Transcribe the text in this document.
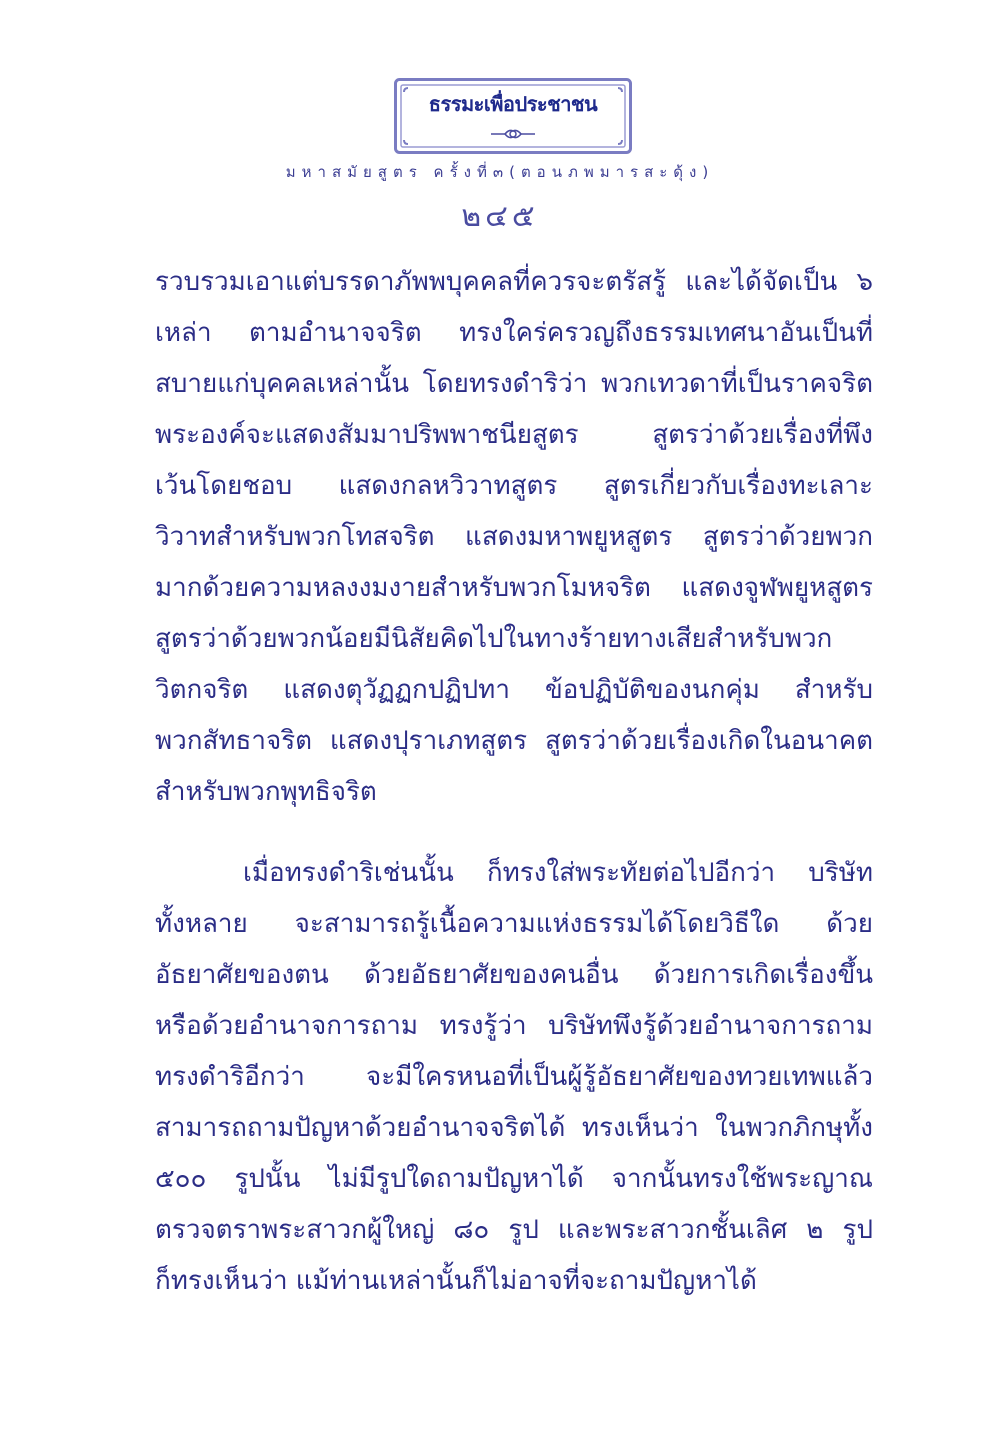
ธรรมะเพื่อประชาชน
มหาสมัยสูตร ครั้งที่๓(ตอนภพมารสะดุ้ง)
๒๔๕
รวบรวมเอาแต่บรรดาภัพพบุคคลที่ควรจะตรัสรู้ และได้จัดเป็น ๖
เหล่า ตามอำนาจจริต ทรงใคร่ครวญถึงธรรมเทศนาอันเป็นที่
สบายแก่บุคคลเหล่านั้น โดยทรงดำริว่า พวกเทวดาที่เป็นราคจริต
พระองค์จะแสดงสัมมาปริพพาชนียสูตร สูตรว่าด้วยเรื่องที่พึง
เว้นโดยชอบ แสดงกลหวิวาทสูตร สูตรเกี่ยวกับเรื่องทะเลาะ
วิวาทสำหรับพวกโทสจริต แสดงมหาพยูหสูตร สูตรว่าด้วยพวก
มากด้วยความหลงงมงายสำหรับพวกโมหจริต แสดงจูฬพยูหสูตร
สูตรว่าด้วยพวกน้อยมีนิสัยคิดไปในทางร้ายทางเสียสำหรับพวก
วิตกจริต แสดงตุวัฏฏกปฏิปทา ข้อปฏิบัติของนกคุ่ม สำหรับ
พวกสัทธาจริต แสดงปุราเภทสูตร สูตรว่าด้วยเรื่องเกิดในอนาคต
สำหรับพวกพุทธิจริต
เมื่อทรงดำริเช่นนั้น ก็ทรงใส่พระทัยต่อไปอีกว่า บริษัท
ทั้งหลาย จะสามารถรู้เนื้อความแห่งธรรมได้โดยวิธีใด ด้วย
อัธยาศัยของตน ด้วยอัธยาศัยของคนอื่น ด้วยการเกิดเรื่องขึ้น
หรือด้วยอำนาจการถาม ทรงรู้ว่า บริษัทพึงรู้ด้วยอำนาจการถาม
ทรงดำริอีกว่า จะมีใครหนอที่เป็นผู้รู้อัธยาศัยของทวยเทพแล้ว
สามารถถามปัญหาด้วยอำนาจจริตได้ ทรงเห็นว่า ในพวกภิกษุทั้ง
๕๐๐ รูปนั้น ไม่มีรูปใดถามปัญหาได้ จากนั้นทรงใช้พระญาณ
ตรวจตราพระสาวกผู้ใหญ่ ๘๐ รูป และพระสาวกชั้นเลิศ ๒ รูป
ก็ทรงเห็นว่า แม้ท่านเหล่านั้นก็ไม่อาจที่จะถามปัญหาได้
